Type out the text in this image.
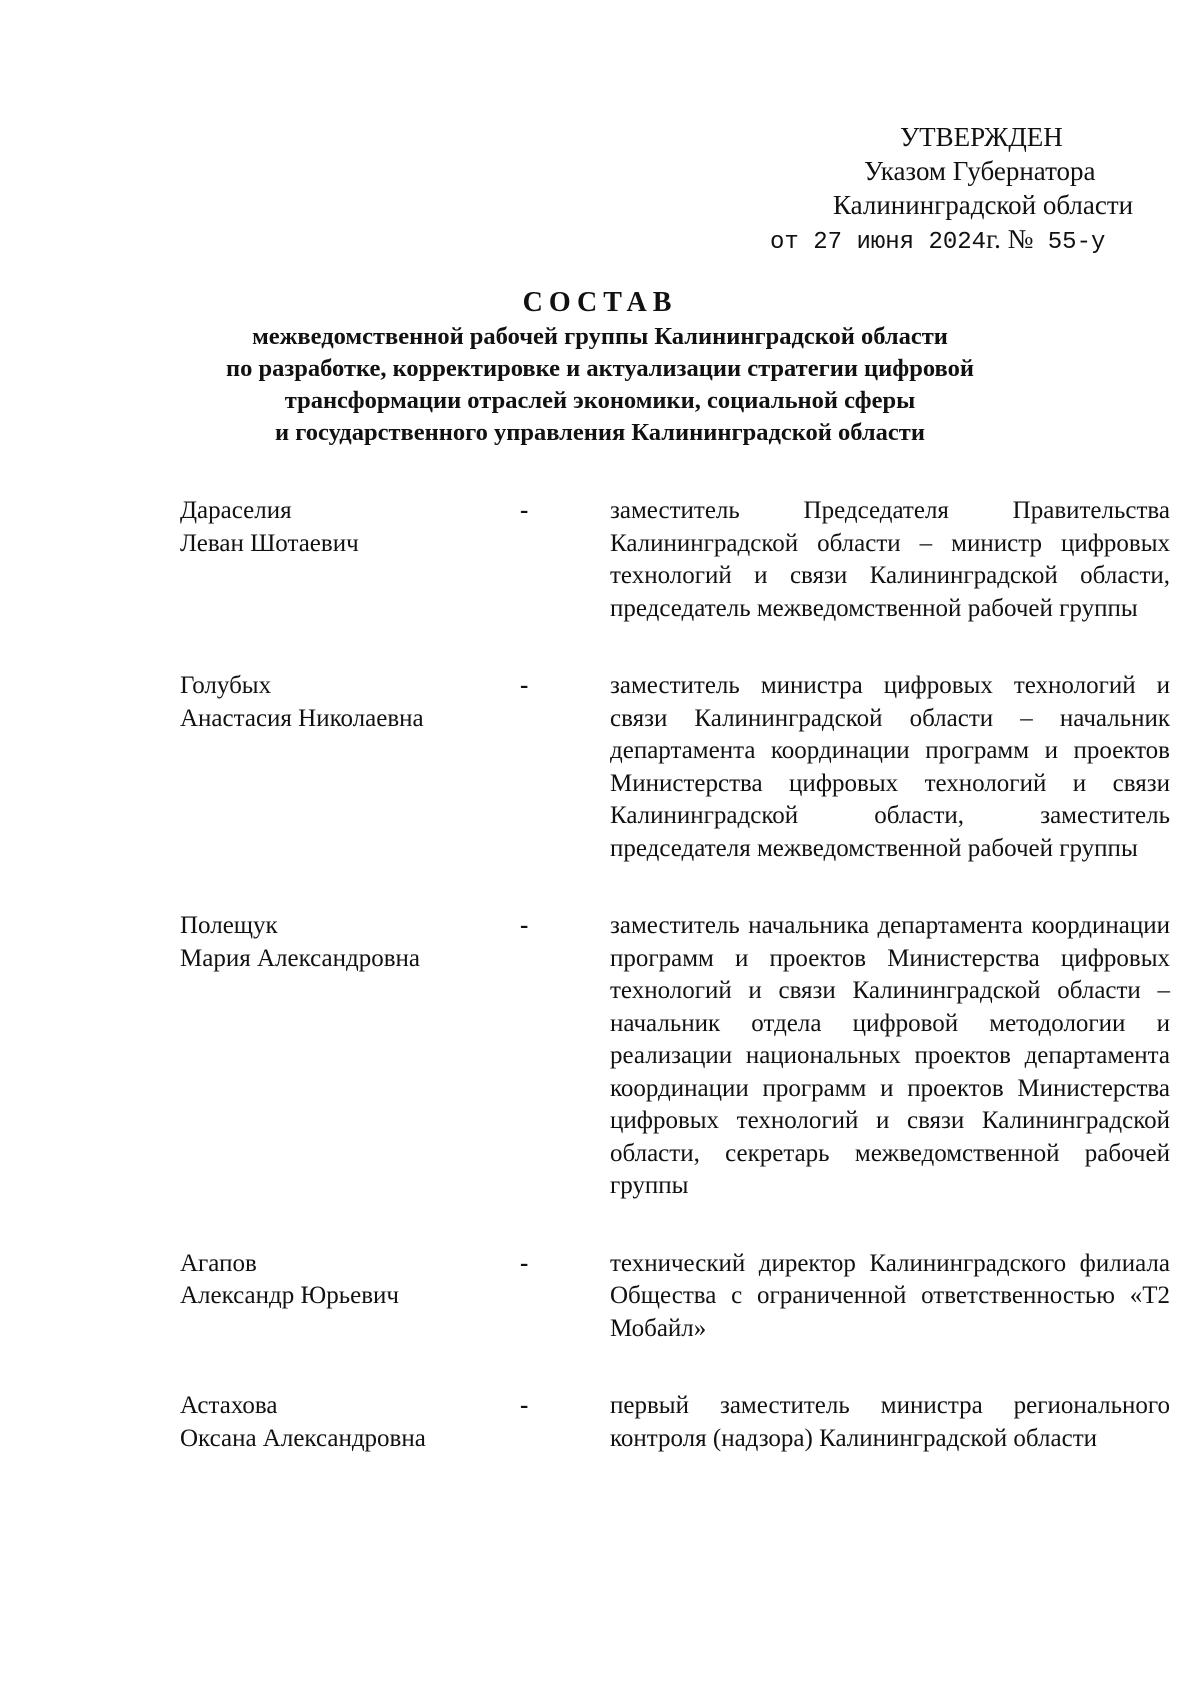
УТВЕРЖДЕН
Указом Губернатора
Калининградской области
от 27 июня 2024г. № 55-у
СОСТАВ
межведомственной рабочей группы Калининградской области
по разработке, корректировке и актуализации стратегии цифровой
трансформации отраслей экономики, социальной сферы
и государственного управления Калининградской области
Дараселия
Леван Шотаевич
-	заместитель Председателя Правительства Калининградской области – министр цифровых технологий и связи Калининградской области, председатель межведомственной рабочей группы
Голубых
Анастасия Николаевна
-	заместитель министра цифровых технологий и связи Калининградской области – начальник департамента координации программ и проектов Министерства цифровых технологий и связи Калининградской области, заместитель председателя межведомственной рабочей группы
Полещук
Мария Александровна
-	заместитель начальника департамента координации программ и проектов Министерства цифровых технологий и связи Калининградской области – начальник отдела цифровой методологии и реализации национальных проектов департамента координации программ и проектов Министерства цифровых технологий и связи Калининградской области, секретарь межведомственной рабочей группы
Агапов
Александр Юрьевич
-	технический директор Калининградского филиала Общества с ограниченной ответственностью «Т2 Мобайл»
Астахова
Оксана Александровна
-	первый заместитель министра регионального контроля (надзора) Калининградской области
